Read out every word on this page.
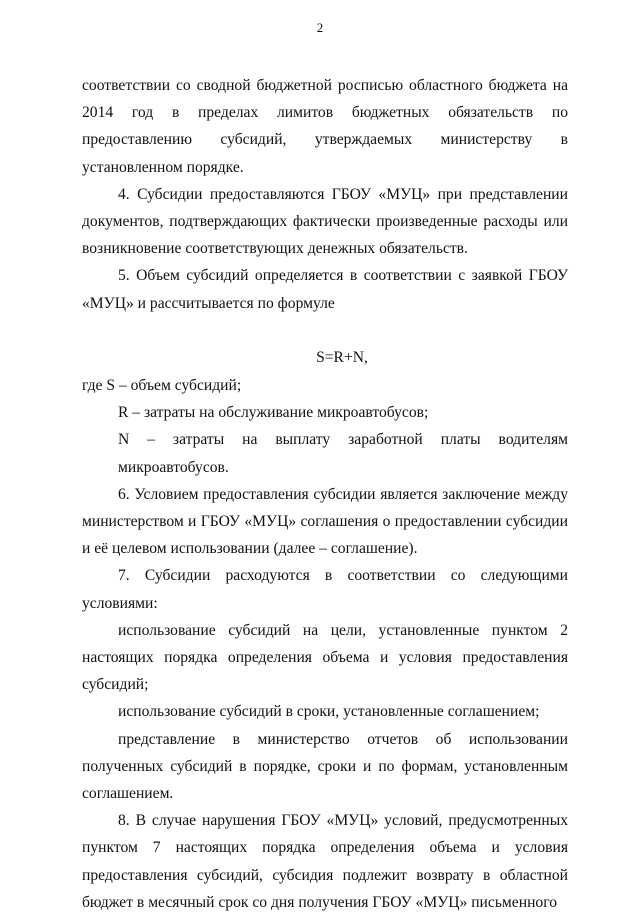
2

соответствии со сводной бюджетной росписью областного бюджета на 2014 год в пределах лимитов бюджетных обязательств по предоставлению субсидий, утверждаемых министерству в установленном порядке.

4. Субсидии предоставляются ГБОУ «МУЦ» при представлении документов, подтверждающих фактически произведенные расходы или возникновение соответствующих денежных обязательств.

5. Объем субсидий определяется в соответствии с заявкой ГБОУ «МУЦ» и рассчитывается по формуле

S=R+N,

где S – объем субсидий;

R – затраты на обслуживание микроавтобусов;

N – затраты на выплату заработной платы водителям микроавтобусов.

6. Условием предоставления субсидии является заключение между министерством и ГБОУ «МУЦ» соглашения о предоставлении субсидии и её целевом использовании (далее – соглашение).

7. Субсидии расходуются в соответствии со следующими условиями:

использование субсидий на цели, установленные пунктом 2 настоящих порядка определения объема и условия предоставления субсидий;

использование субсидий в сроки, установленные соглашением;

представление в министерство отчетов об использовании полученных субсидий в порядке, сроки и по формам, установленным соглашением.

8. В случае нарушения ГБОУ «МУЦ» условий, предусмотренных пунктом 7 настоящих порядка определения объема и условия предоставления субсидий, субсидия подлежит возврату в областной бюджет в месячный срок со дня получения ГБОУ «МУЦ» письменного
